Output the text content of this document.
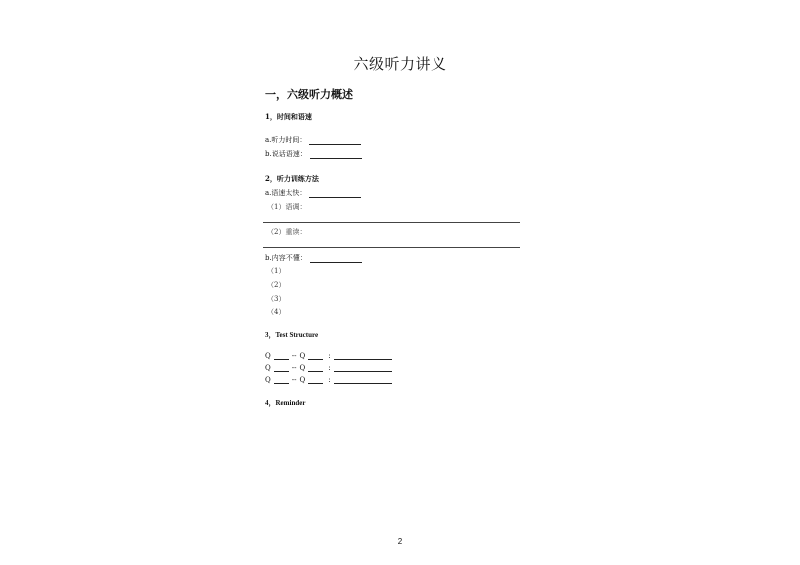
六级听力讲义
一，六级听力概述
1，时间和语速
a.听力时间：
b.说话语速：
2，听力训练方法
a.语速太快：
（1）语调：
（2）重读：
b.内容不懂：
（1）
（2）
（3）
（4）
3，Test Structure
Q	-- Q	:
Q	-- Q	:
Q	-- Q	:
4，Reminder
2
